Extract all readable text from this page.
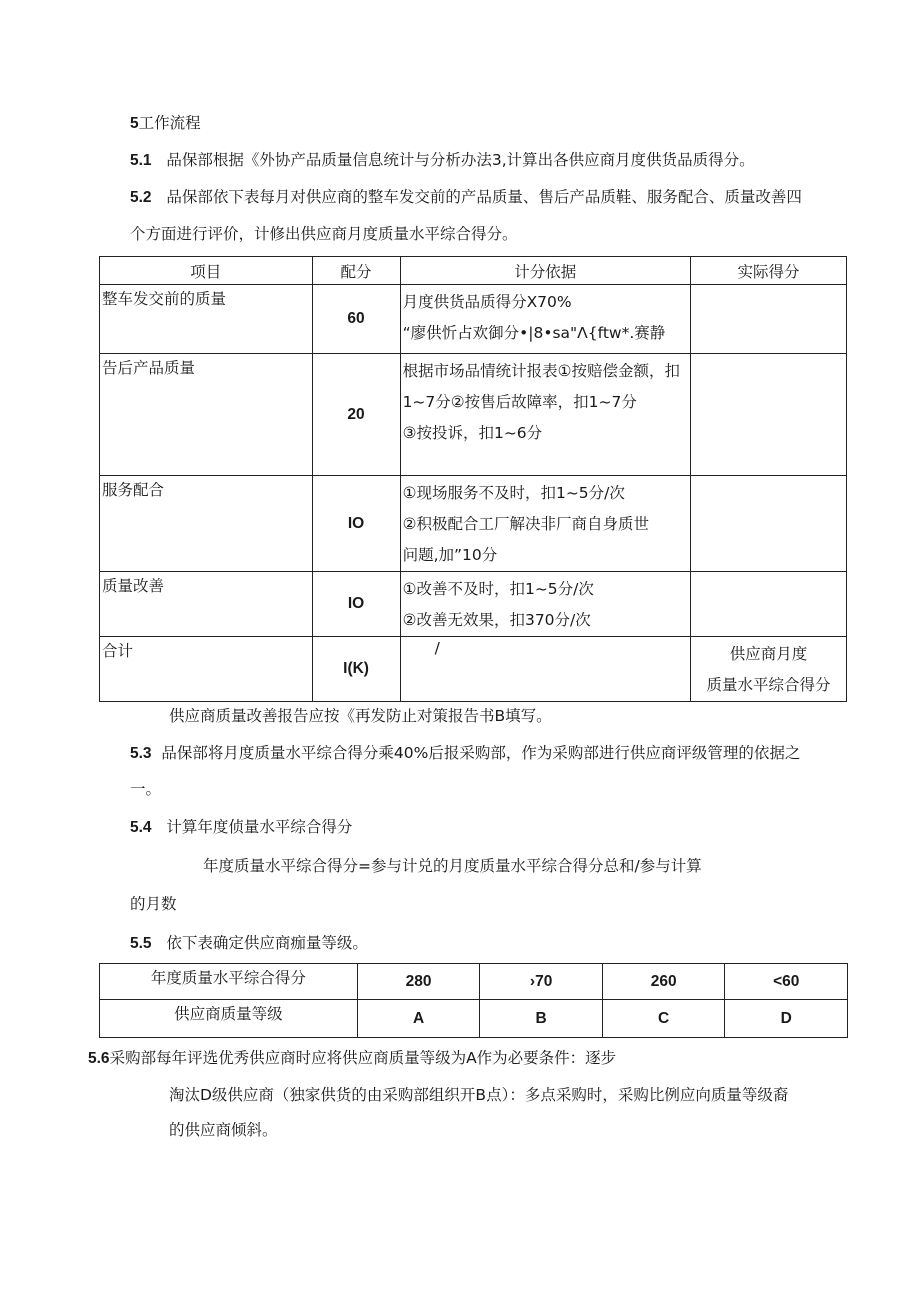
5工作流程
5.1 品保部根据《外协产品质量信息统计与分析办法3,计算出各供应商月度供货品质得分。
5.2 品保部依下表每月对供应商的整车发交前的产品质量、售后产品质鞋、服务配合、质量改善四
个方面进行评价，计修出供应商月度质量水平综合得分。
项目	配分	计分依据	实际得分
整车发交前的质量	60	月度供货品质得分X70%
“廖供忻占欢御分•|8•sa"Λ{ftw*.赛静	

告后产品质量	20	根据市场品情统计报表①按赔偿金额，扣
1~7分②按售后故障率，扣1~7分
③按投诉，扣1~6分	

服务配合	IO	①现场服务不及时，扣1~5分/次
②积极配合工厂解决非厂商自身质世
问题,加”10分	

质量改善	IO	①改善不及时，扣1~5分/次
②改善无效果，扣370分/次	

合计	I(K)	/	供应商月度
质量水平综合得分
供应商质量改善报告应按《再发防止对策报告书B填写。
5.3 品保部将月度质量水平综合得分乘40%后报采购部，作为采购部进行供应商评级管理的依据之
一。
5.4 计算年度侦量水平综合得分
年度质量水平综合得分=参与计兑的月度质量水平综合得分总和/参与计算
的月数
5.5 依下表确定供应商痂量等级。
年度质量水平综合得分	280	›70	260	<60
供应商质量等级	A	B	C	D
5.6采购部每年评选优秀供应商时应将供应商质量等级为A作为必要条件：逐步
淘汰D级供应商（独家供货的由采购部组织开B点）：多点采购时，采购比例应向质量等级裔
的供应商倾斜。
